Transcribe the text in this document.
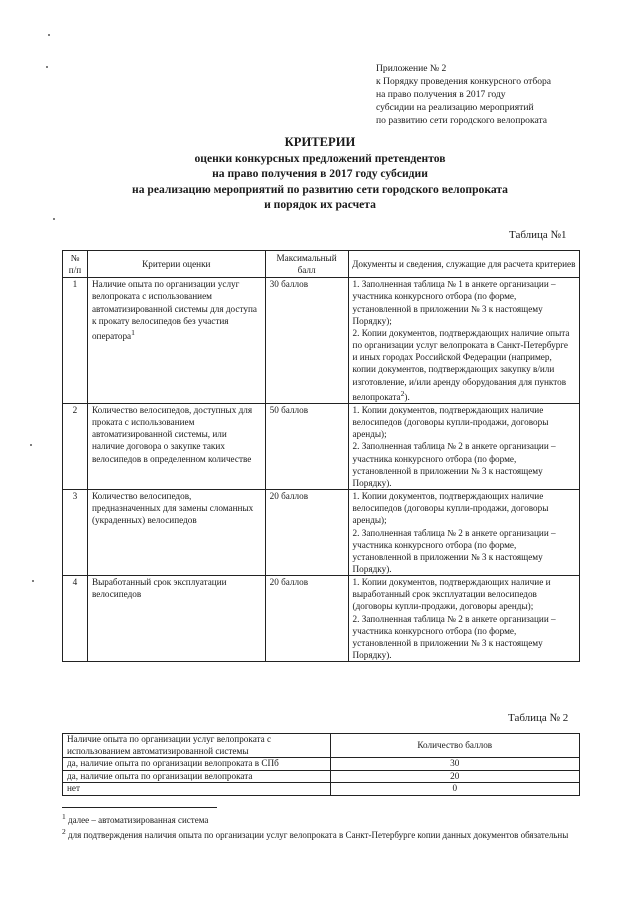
Приложение № 2
к Порядку проведения конкурсного отбора
на право получения в 2017 году
субсидии на реализацию мероприятий
по развитию сети городского велопроката
КРИТЕРИИ
оценки конкурсных предложений претендентов
на право получения в 2017 году субсидии
на реализацию мероприятий по развитию сети городского велопроката
и порядок их расчета
Таблица №1
№ п/п	Критерии оценки	Максимальный балл	Документы и сведения, служащие для расчета критериев
1	Наличие опыта по организации услуг велопроката с использованием автоматизированной системы для доступа к прокату велосипедов без участия оператора$^1$	30 баллов	1. Заполненная таблица № 1 в анкете организации – участника конкурсного отбора (по форме, установленной в приложении № 3 к настоящему Порядку);
2. Копии документов, подтверждающих наличие опыта по организации услуг велопроката в Санкт-Петербурге и иных городах Российской Федерации (например, копии документов, подтверждающих закупку в/или изготовление, и/или аренду оборудования для пунктов велопроката$^2$).

2	Количество велосипедов, доступных для проката с использованием автоматизированной системы, или наличие договора о закупке таких велосипедов в определенном количестве	50 баллов	1. Копии документов, подтверждающих наличие велосипедов (договоры купли-продажи, договоры аренды);
2. Заполненная таблица № 2 в анкете организации – участника конкурсного отбора (по форме, установленной в приложении № 3 к настоящему Порядку).

3	Количество велосипедов, предназначенных для замены сломанных (украденных) велосипедов	20 баллов	1. Копии документов, подтверждающих наличие велосипедов (договоры купли-продажи, договоры аренды);
2. Заполненная таблица № 2 в анкете организации – участника конкурсного отбора (по форме, установленной в приложении № 3 к настоящему Порядку).

4	Выработанный срок эксплуатации велосипедов	20 баллов	1. Копии документов, подтверждающих наличие и выработанный срок эксплуатации велосипедов (договоры купли-продажи, договоры аренды);
2. Заполненная таблица № 2 в анкете организации – участника конкурсного отбора (по форме, установленной в приложении № 3 к настоящему Порядку).
Таблица № 2
Наличие опыта по организации услуг велопроката с использованием автоматизированной системы	Количество баллов
да, наличие опыта по организации велопроката в СПб	30
да, наличие опыта по организации велопроката	20
нет	0
$^1$ далее – автоматизированная система
$^2$ для подтверждения наличия опыта по организации услуг велопроката в Санкт-Петербурге копии данных документов обязательны
